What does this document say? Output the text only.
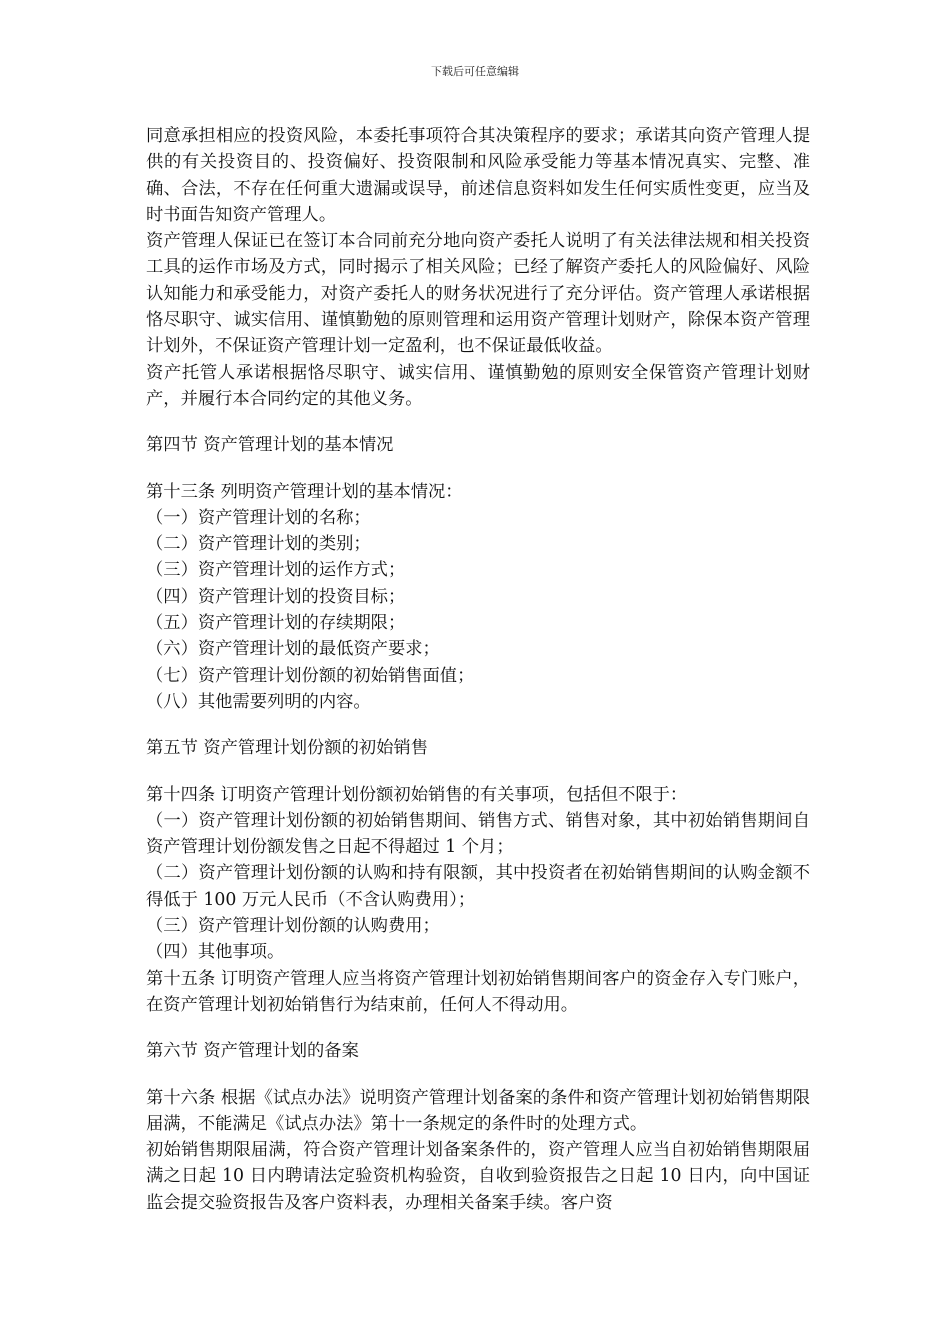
下载后可任意编辑

同意承担相应的投资风险，本委托事项符合其决策程序的要求；承诺其向资产管理人提供的有关投资目的、投资偏好、投资限制和风险承受能力等基本情况真实、完整、准确、合法，不存在任何重大遗漏或误导，前述信息资料如发生任何实质性变更，应当及时书面告知资产管理人。

资产管理人保证已在签订本合同前充分地向资产委托人说明了有关法律法规和相关投资工具的运作市场及方式，同时揭示了相关风险；已经了解资产委托人的风险偏好、风险认知能力和承受能力，对资产委托人的财务状况进行了充分评估。资产管理人承诺根据恪尽职守、诚实信用、谨慎勤勉的原则管理和运用资产管理计划财产，除保本资产管理计划外，不保证资产管理计划一定盈利，也不保证最低收益。

资产托管人承诺根据恪尽职守、诚实信用、谨慎勤勉的原则安全保管资产管理计划财产，并履行本合同约定的其他义务。

第四节 资产管理计划的基本情况

第十三条 列明资产管理计划的基本情况：

（一）资产管理计划的名称；

（二）资产管理计划的类别；

（三）资产管理计划的运作方式；

（四）资产管理计划的投资目标；

（五）资产管理计划的存续期限；

（六）资产管理计划的最低资产要求；

（七）资产管理计划份额的初始销售面值；

（八）其他需要列明的内容。

第五节 资产管理计划份额的初始销售

第十四条 订明资产管理计划份额初始销售的有关事项，包括但不限于：

（一）资产管理计划份额的初始销售期间、销售方式、销售对象，其中初始销售期间自资产管理计划份额发售之日起不得超过 1 个月；

（二）资产管理计划份额的认购和持有限额，其中投资者在初始销售期间的认购金额不得低于 100 万元人民币（不含认购费用）；

（三）资产管理计划份额的认购费用；

（四）其他事项。

第十五条 订明资产管理人应当将资产管理计划初始销售期间客户的资金存入专门账户，在资产管理计划初始销售行为结束前，任何人不得动用。

第六节 资产管理计划的备案

第十六条 根据《试点办法》说明资产管理计划备案的条件和资产管理计划初始销售期限届满，不能满足《试点办法》第十一条规定的条件时的处理方式。

初始销售期限届满，符合资产管理计划备案条件的，资产管理人应当自初始销售期限届满之日起 10 日内聘请法定验资机构验资，自收到验资报告之日起 10 日内，向中国证监会提交验资报告及客户资料表，办理相关备案手续。客户资
